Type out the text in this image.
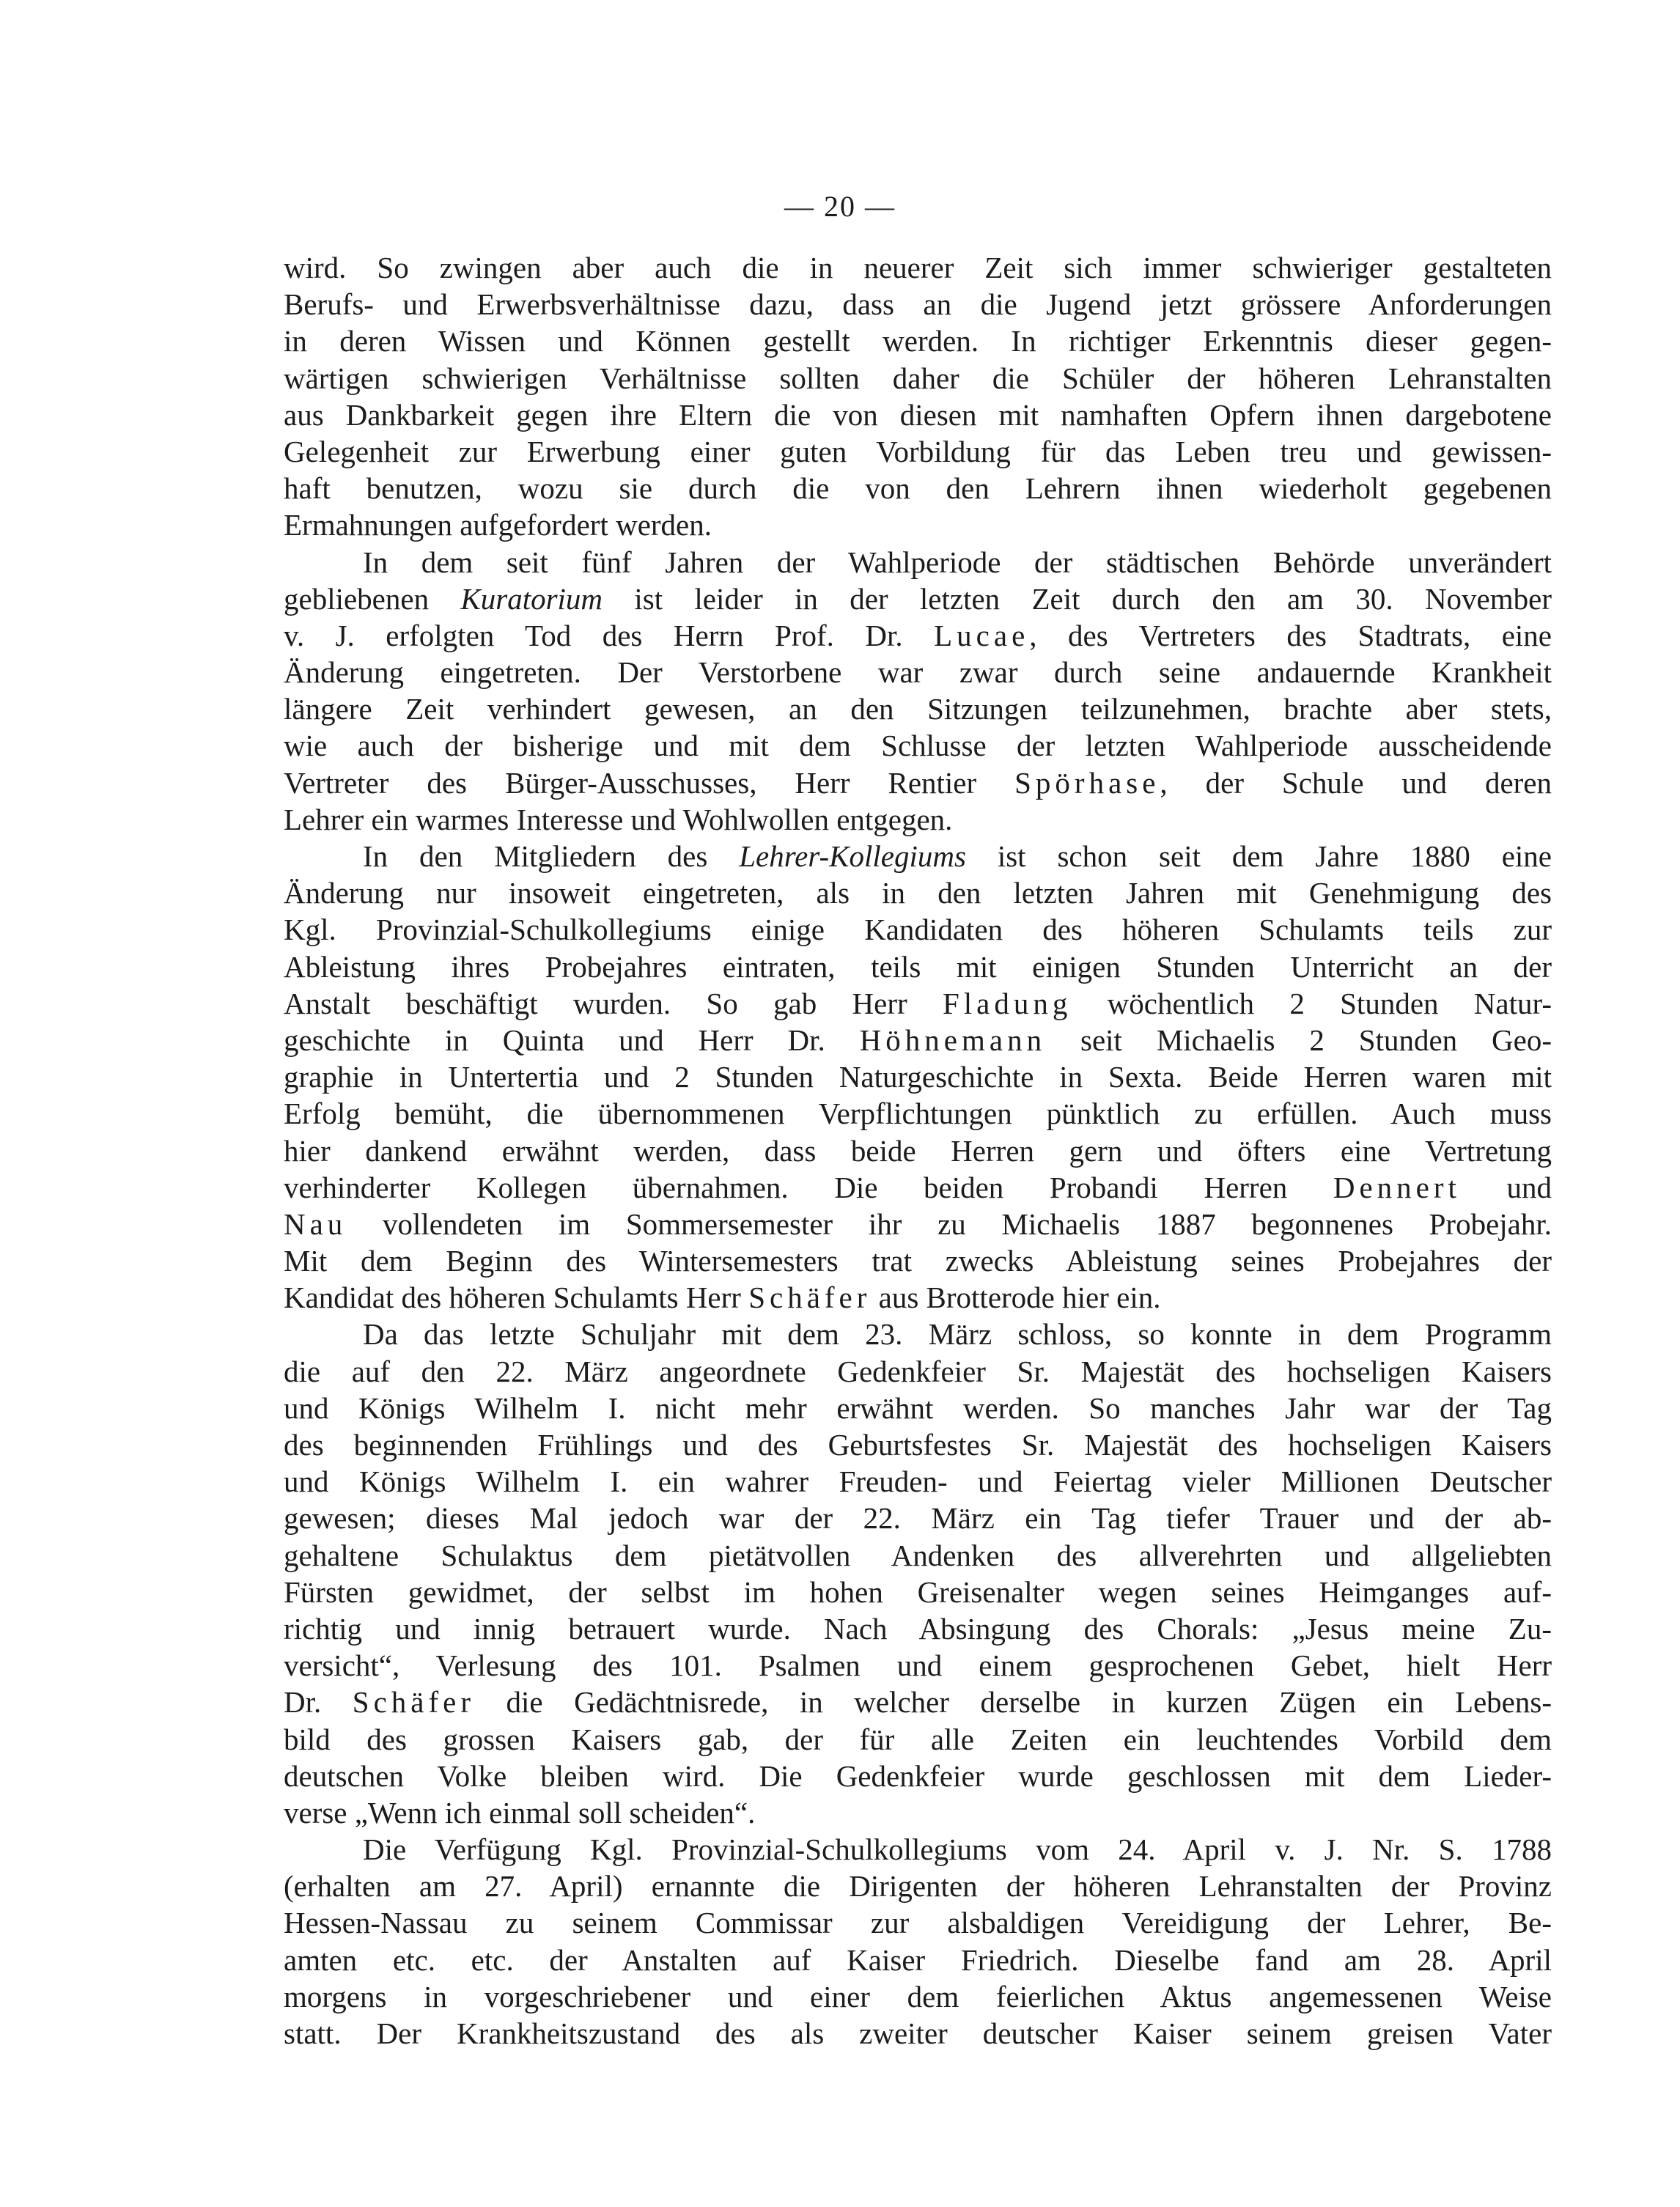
— 20 —
wird. So zwingen aber auch die in neuerer Zeit sich immer schwieriger gestalteten
Berufs- und Erwerbsverhältnisse dazu, dass an die Jugend jetzt grössere Anforderungen
in deren Wissen und Können gestellt werden. In richtiger Erkenntnis dieser gegen-
wärtigen schwierigen Verhältnisse sollten daher die Schüler der höheren Lehranstalten
aus Dankbarkeit gegen ihre Eltern die von diesen mit namhaften Opfern ihnen dargebotene
Gelegenheit zur Erwerbung einer guten Vorbildung für das Leben treu und gewissen-
haft benutzen, wozu sie durch die von den Lehrern ihnen wiederholt gegebenen
Ermahnungen aufgefordert werden.
In dem seit fünf Jahren der Wahlperiode der städtischen Behörde unverändert
gebliebenen Kuratorium ist leider in der letzten Zeit durch den am 30. November
v. J. erfolgten Tod des Herrn Prof. Dr. Lucae, des Vertreters des Stadtrats, eine
Änderung eingetreten. Der Verstorbene war zwar durch seine andauernde Krankheit
längere Zeit verhindert gewesen, an den Sitzungen teilzunehmen, brachte aber stets,
wie auch der bisherige und mit dem Schlusse der letzten Wahlperiode ausscheidende
Vertreter des Bürger-Ausschusses, Herr Rentier Spörhase, der Schule und deren
Lehrer ein warmes Interesse und Wohlwollen entgegen.
In den Mitgliedern des Lehrer-Kollegiums ist schon seit dem Jahre 1880 eine
Änderung nur insoweit eingetreten, als in den letzten Jahren mit Genehmigung des
Kgl. Provinzial-Schulkollegiums einige Kandidaten des höheren Schulamts teils zur
Ableistung ihres Probejahres eintraten, teils mit einigen Stunden Unterricht an der
Anstalt beschäftigt wurden. So gab Herr Fladung wöchentlich 2 Stunden Natur-
geschichte in Quinta und Herr Dr. Höhnemann seit Michaelis 2 Stunden Geo-
graphie in Untertertia und 2 Stunden Naturgeschichte in Sexta. Beide Herren waren mit
Erfolg bemüht, die übernommenen Verpflichtungen pünktlich zu erfüllen. Auch muss
hier dankend erwähnt werden, dass beide Herren gern und öfters eine Vertretung
verhinderter Kollegen übernahmen. Die beiden Probandi Herren Dennert und
Nau vollendeten im Sommersemester ihr zu Michaelis 1887 begonnenes Probejahr.
Mit dem Beginn des Wintersemesters trat zwecks Ableistung seines Probejahres der
Kandidat des höheren Schulamts Herr Schäfer aus Brotterode hier ein.
Da das letzte Schuljahr mit dem 23. März schloss, so konnte in dem Programm
die auf den 22. März angeordnete Gedenkfeier Sr. Majestät des hochseligen Kaisers
und Königs Wilhelm I. nicht mehr erwähnt werden. So manches Jahr war der Tag
des beginnenden Frühlings und des Geburtsfestes Sr. Majestät des hochseligen Kaisers
und Königs Wilhelm I. ein wahrer Freuden- und Feiertag vieler Millionen Deutscher
gewesen; dieses Mal jedoch war der 22. März ein Tag tiefer Trauer und der ab-
gehaltene Schulaktus dem pietätvollen Andenken des allverehrten und allgeliebten
Fürsten gewidmet, der selbst im hohen Greisenalter wegen seines Heimganges auf-
richtig und innig betrauert wurde. Nach Absingung des Chorals: „Jesus meine Zu-
versicht“, Verlesung des 101. Psalmen und einem gesprochenen Gebet, hielt Herr
Dr. Schäfer die Gedächtnisrede, in welcher derselbe in kurzen Zügen ein Lebens-
bild des grossen Kaisers gab, der für alle Zeiten ein leuchtendes Vorbild dem
deutschen Volke bleiben wird. Die Gedenkfeier wurde geschlossen mit dem Lieder-
verse „Wenn ich einmal soll scheiden“.
Die Verfügung Kgl. Provinzial-Schulkollegiums vom 24. April v. J. Nr. S. 1788
(erhalten am 27. April) ernannte die Dirigenten der höheren Lehranstalten der Provinz
Hessen-Nassau zu seinem Commissar zur alsbaldigen Vereidigung der Lehrer, Be-
amten etc. etc. der Anstalten auf Kaiser Friedrich. Dieselbe fand am 28. April
morgens in vorgeschriebener und einer dem feierlichen Aktus angemessenen Weise
statt. Der Krankheitszustand des als zweiter deutscher Kaiser seinem greisen Vater
